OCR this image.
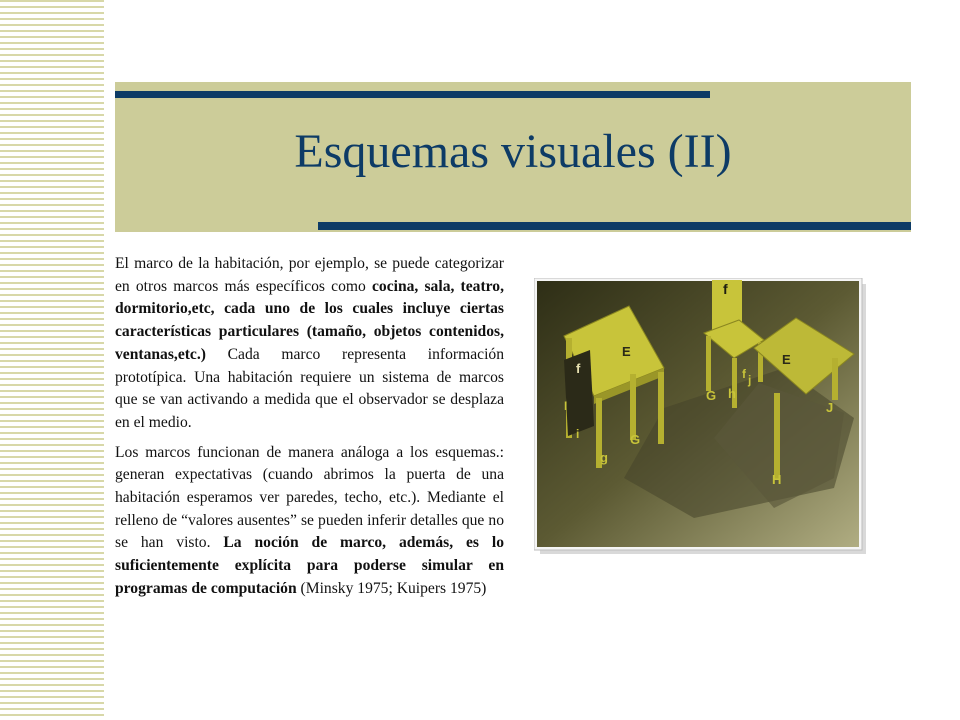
Esquemas visuales (II)

El marco de la habitación, por ejemplo, se puede categorizar en otros marcos más específicos como cocina, sala, teatro, dormitorio,etc, cada uno de los cuales incluye ciertas características particulares (tamaño, objetos contenidos, ventanas,etc.) Cada marco representa información prototípica. Una habitación requiere un sistema de marcos que se van activando a medida que el observador se desplaza en el medio.

Los marcos funcionan de manera análoga a los esquemas.: generan expectativas (cuando abrimos la puerta de una habitación esperamos ver paredes, techo, etc.). Mediante el relleno de “valores ausentes” se pueden inferir detalles que no se han visto. La noción de marco, además, es lo suficientemente explícita para poderse simular en programas de computación (Minsky 1975; Kuipers 1975)

f
f
E
E
f
I
j
G h
J
i
g
G
H
